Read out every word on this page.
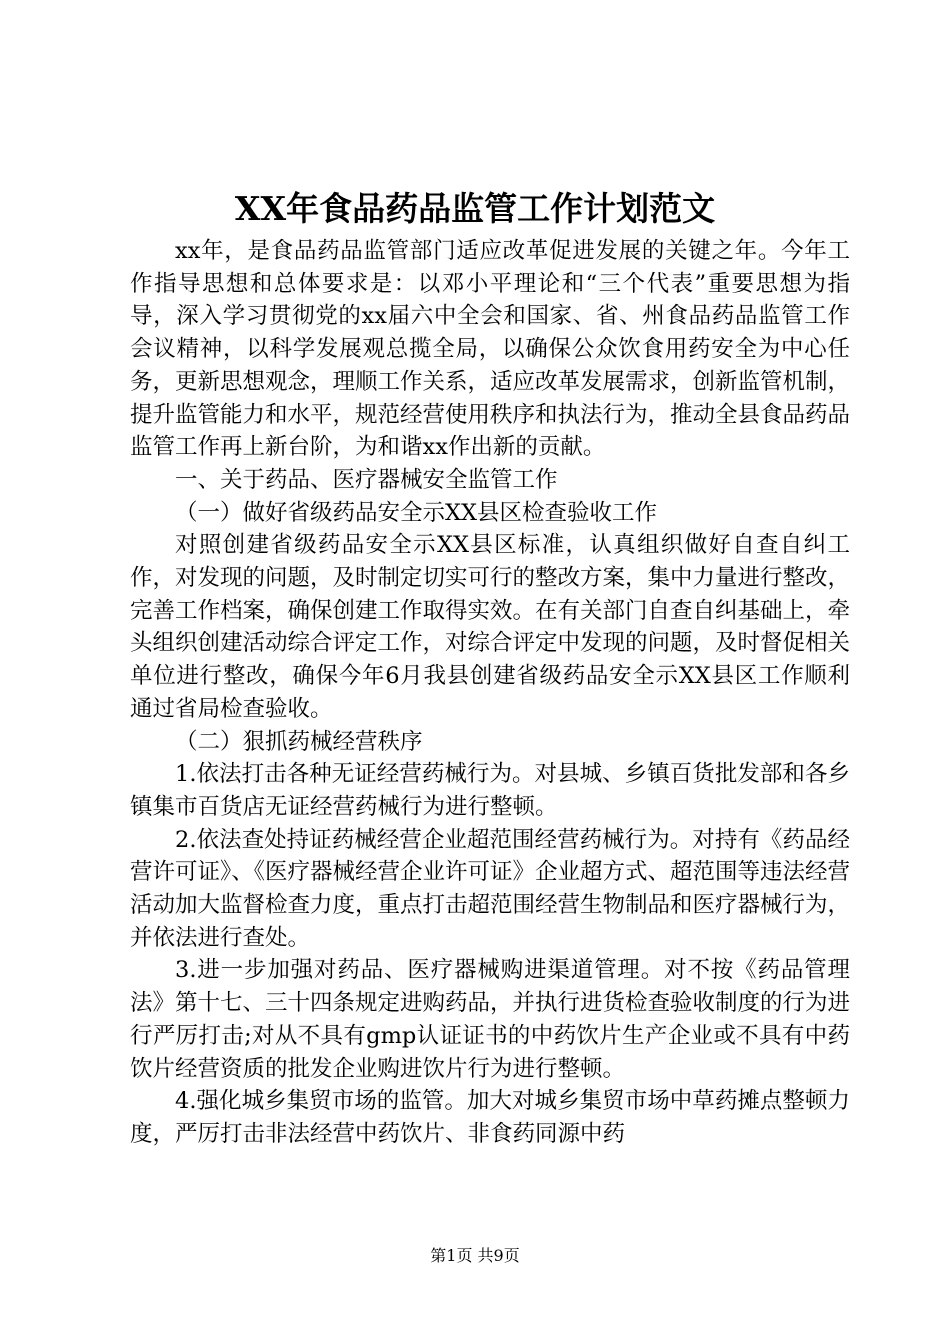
XX年食品药品监管工作计划范文

xx年，是食品药品监管部门适应改革促进发展的关键之年。今年工作指导思想和总体要求是：以邓小平理论和“三个代表”重要思想为指导，深入学习贯彻党的xx届六中全会和国家、省、州食品药品监管工作会议精神，以科学发展观总揽全局，以确保公众饮食用药安全为中心任务，更新思想观念，理顺工作关系，适应改革发展需求，创新监管机制，提升监管能力和水平，规范经营使用秩序和执法行为，推动全县食品药品监管工作再上新台阶，为和谐xx作出新的贡献。

一、关于药品、医疗器械安全监管工作

（一）做好省级药品安全示XX县区检查验收工作

对照创建省级药品安全示XX县区标准，认真组织做好自查自纠工作，对发现的问题，及时制定切实可行的整改方案，集中力量进行整改，完善工作档案，确保创建工作取得实效。在有关部门自查自纠基础上，牵头组织创建活动综合评定工作，对综合评定中发现的问题，及时督促相关单位进行整改，确保今年6月我县创建省级药品安全示XX县区工作顺利通过省局检查验收。

（二）狠抓药械经营秩序

1.依法打击各种无证经营药械行为。对县城、乡镇百货批发部和各乡镇集市百货店无证经营药械行为进行整顿。

2.依法查处持证药械经营企业超范围经营药械行为。对持有《药品经营许可证》、《医疗器械经营企业许可证》企业超方式、超范围等违法经营活动加大监督检查力度，重点打击超范围经营生物制品和医疗器械行为，并依法进行查处。

3.进一步加强对药品、医疗器械购进渠道管理。对不按《药品管理法》第十七、三十四条规定进购药品，并执行进货检查验收制度的行为进行严厉打击;对从不具有gmp认证证书的中药饮片生产企业或不具有中药饮片经营资质的批发企业购进饮片行为进行整顿。

4.强化城乡集贸市场的监管。加大对城乡集贸市场中草药摊点整顿力度，严厉打击非法经营中药饮片、非食药同源中药

第1页 共9页
